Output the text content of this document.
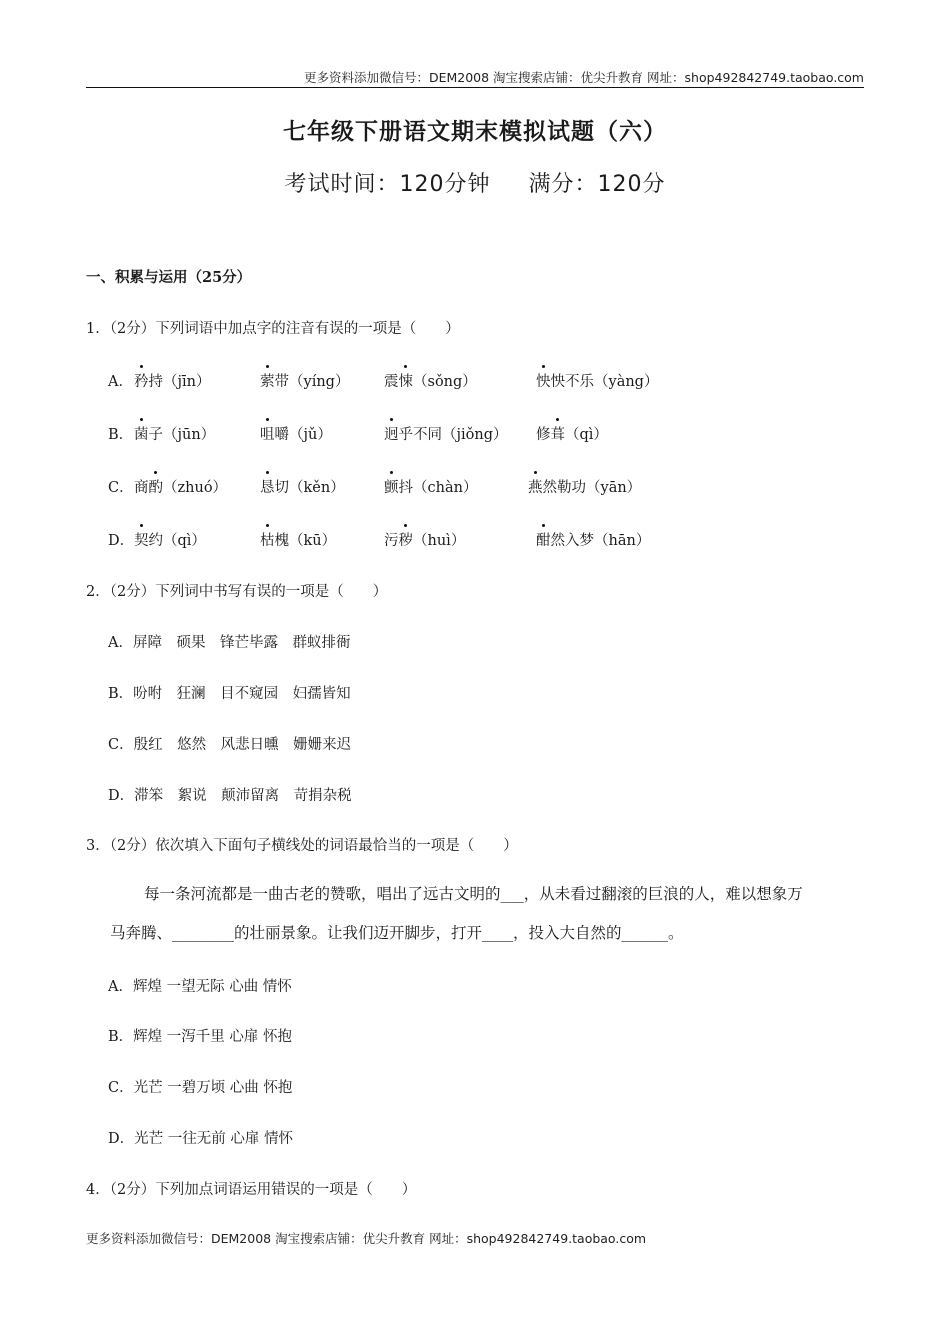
更多资料添加微信号：DEM2008 淘宝搜索店铺：优尖升教育 网址：shop492842749.taobao.com
七年级下册语文期末模拟试题（六）
考试时间：120分钟 满分：120分
一、积累与运用（25分）
1．（2分）下列词语中加点字的注音有误的一项是（　　）
A． 矜持（jīn）	萦带（yíng） 震悚（sǒng）	怏怏不乐（yàng）
B． 菌子（jūn）	咀嚼（jǔ）	迥乎不同（jiǒng） 修葺（qì）
C． 商酌（zhuó） 恳切（kěn）	颤抖（chàn）	燕然勒功（yān）
D． 契约（qì）	枯槐（kū）	污秽（huì）	酣然入梦（hān）
2．（2分）下列词中书写有误的一项是（　　）
A．屏障　硕果　锋芒毕露　群蚁排衙
B．吩咐　狂澜　目不窥园　妇孺皆知
C．殷红　悠然　风悲日曛　姗姗来迟
D．滞笨　絮说　颠沛留离　苛捐杂税
3．（2分）依次填入下面句子横线处的词语最恰当的一项是（　　）
每一条河流都是一曲古老的赞歌，唱出了远古文明的___，从未看过翻滚的巨浪的人，难以想象万
马奔腾、________的壮丽景象。让我们迈开脚步，打开____，投入大自然的______。
A．辉煌 一望无际 心曲 情怀
B．辉煌 一泻千里 心扉 怀抱
C．光芒 一碧万顷 心曲 怀抱
D．光芒 一往无前 心扉 情怀
4．（2分）下列加点词语运用错误的一项是（　　）
更多资料添加微信号：DEM2008 淘宝搜索店铺：优尖升教育 网址：shop492842749.taobao.com
